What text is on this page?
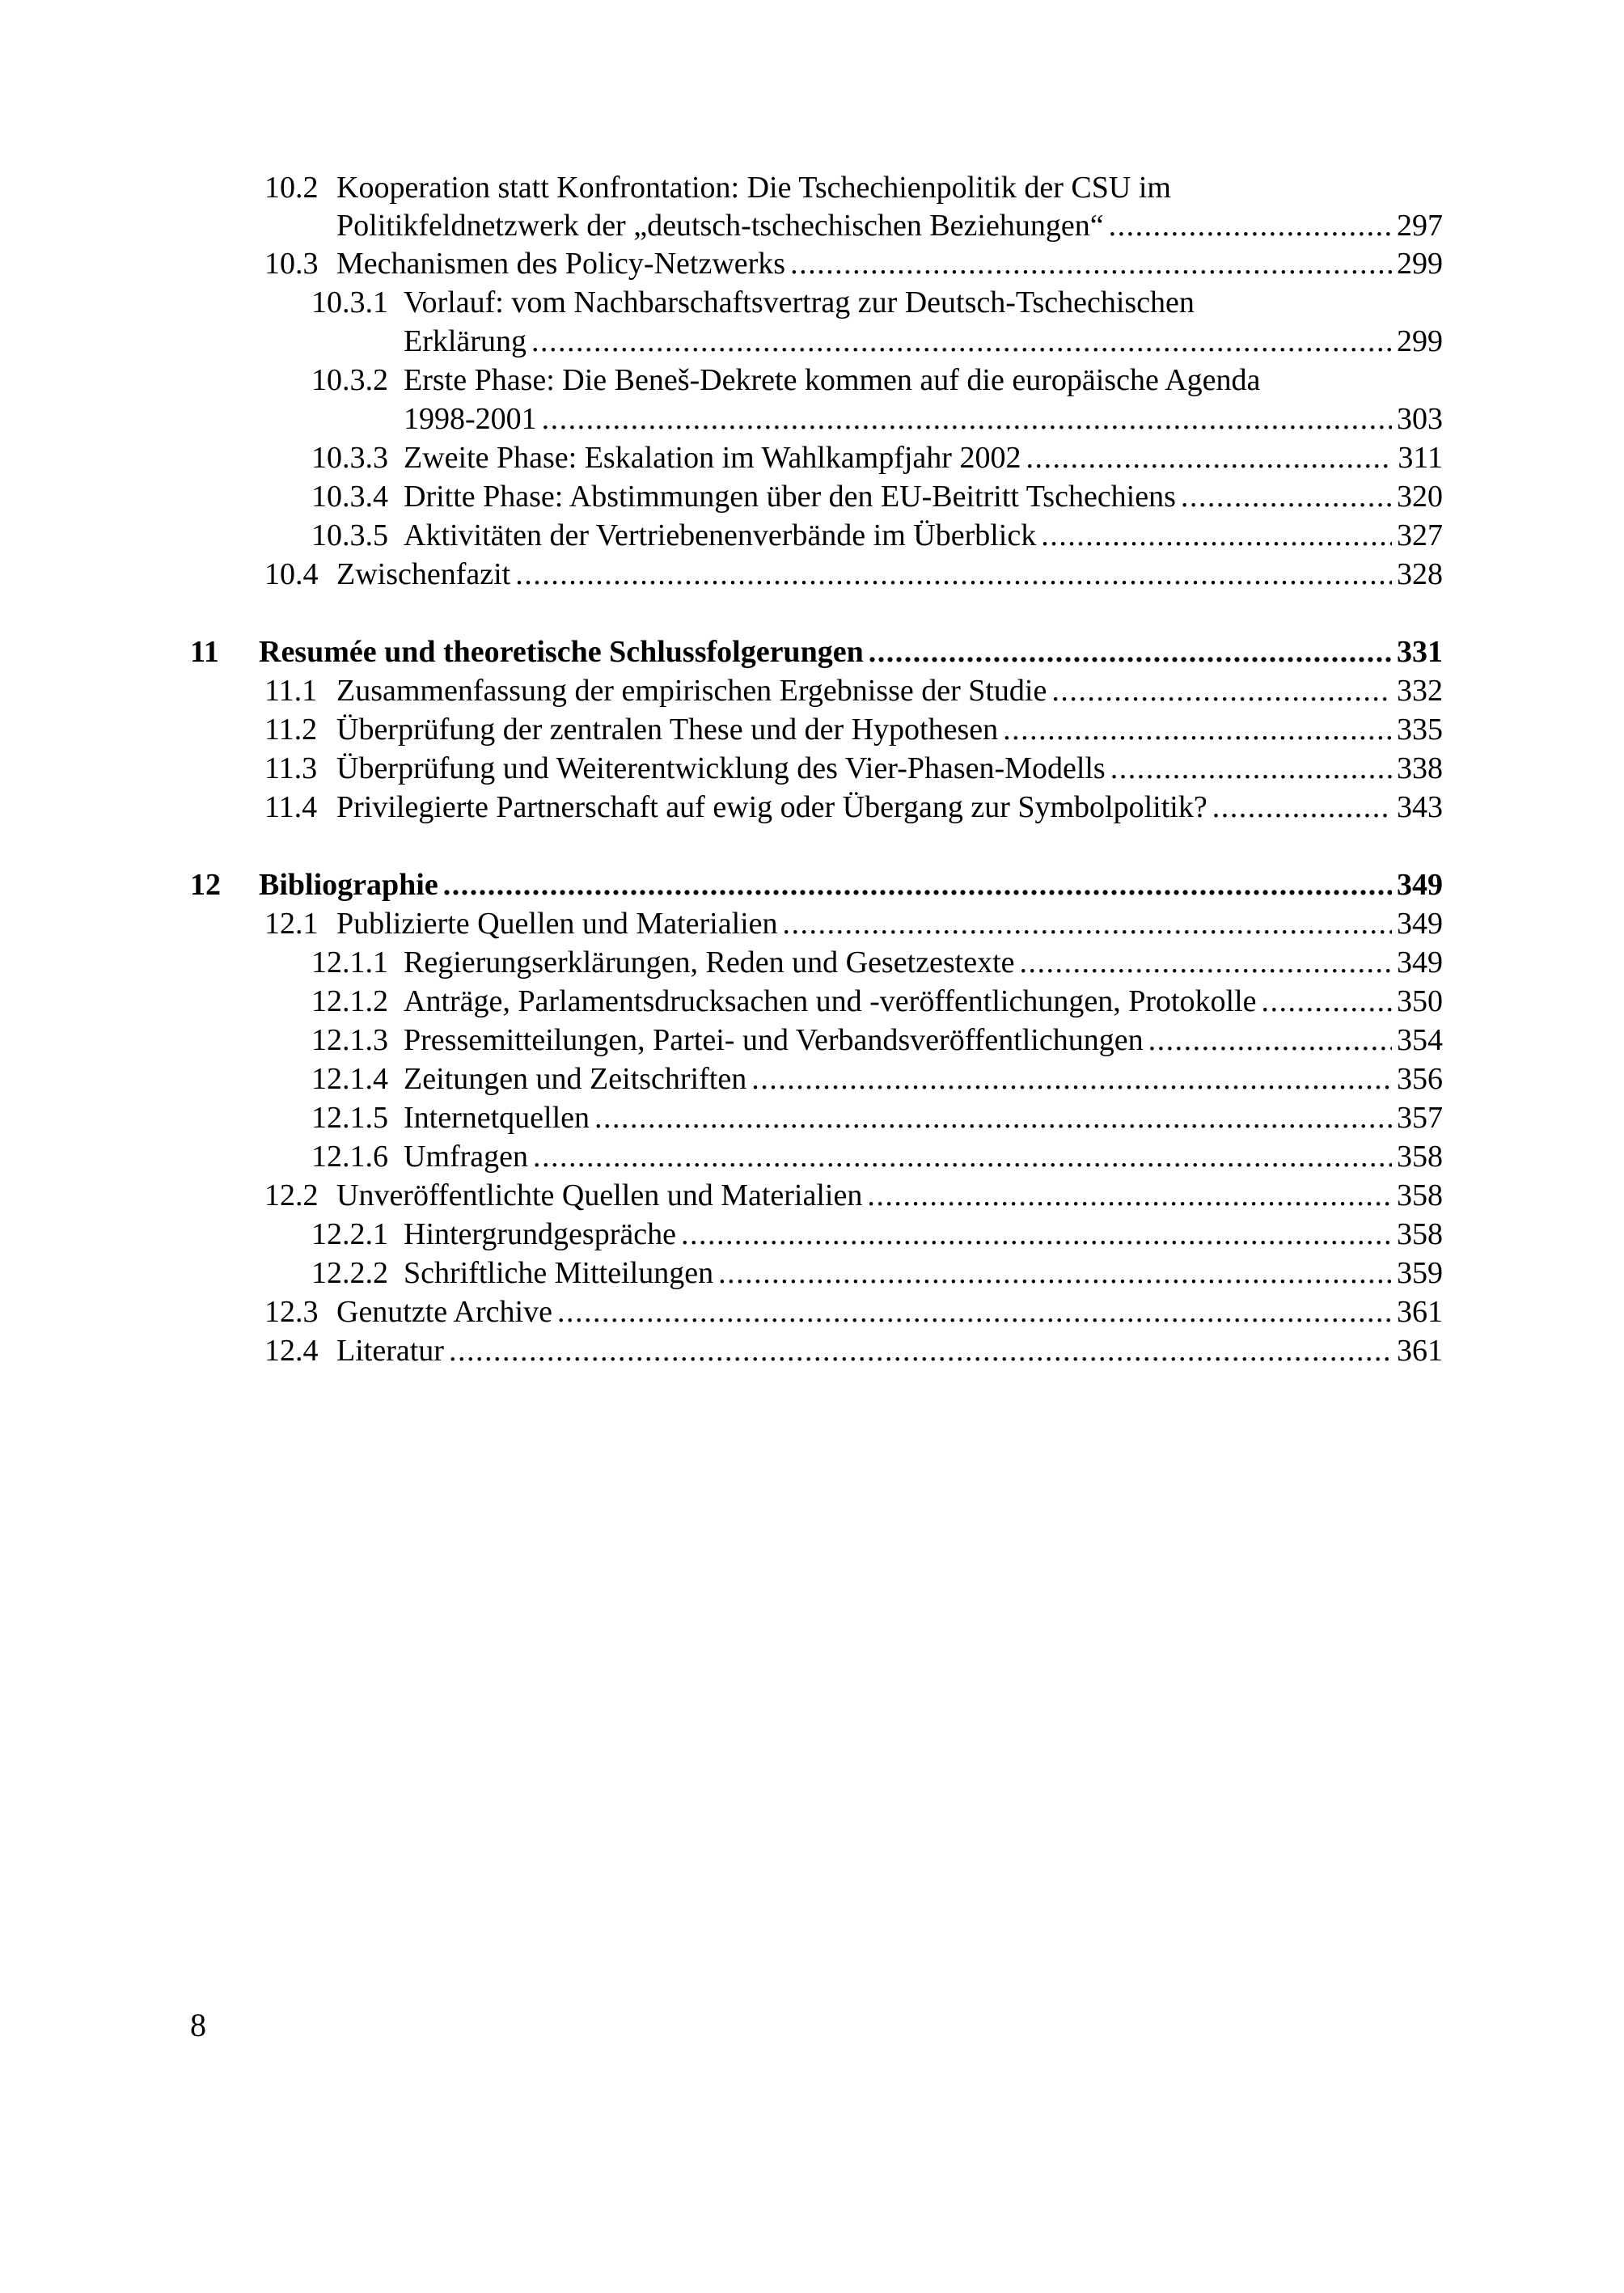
10.2 Kooperation statt Konfrontation: Die Tschechienpolitik der CSU im
Politikfeldnetzwerk der „deutsch-tschechischen Beziehungen“ . . .	297
10.3 Mechanismen des Policy-Netzwerks . . .	299
10.3.1 Vorlauf: vom Nachbarschaftsvertrag zur Deutsch-Tschechischen
Erklärung . . .	299
10.3.2 Erste Phase: Die Beneš-Dekrete kommen auf die europäische Agenda
1998-2001 . . .	303
10.3.3 Zweite Phase: Eskalation im Wahlkampfjahr 2002 . . .	311
10.3.4 Dritte Phase: Abstimmungen über den EU-Beitritt Tschechiens . . .	320
10.3.5 Aktivitäten der Vertriebenenverbände im Überblick . . .	327
10.4 Zwischenfazit . . .	328
11 Resumée und theoretische Schlussfolgerungen . . .	331
11.1 Zusammenfassung der empirischen Ergebnisse der Studie . . .	332
11.2 Überprüfung der zentralen These und der Hypothesen . . .	335
11.3 Überprüfung und Weiterentwicklung des Vier-Phasen-Modells . . .	338
11.4 Privilegierte Partnerschaft auf ewig oder Übergang zur Symbolpolitik? . . .	343
12 Bibliographie . . .	349
12.1 Publizierte Quellen und Materialien . . .	349
12.1.1 Regierungserklärungen, Reden und Gesetzestexte . . .	349
12.1.2 Anträge, Parlamentsdrucksachen und -veröffentlichungen, Protokolle . . .	350
12.1.3 Pressemitteilungen, Partei- und Verbandsveröffentlichungen . . .	354
12.1.4 Zeitungen und Zeitschriften . . .	356
12.1.5 Internetquellen . . .	357
12.1.6 Umfragen . . .	358
12.2 Unveröffentlichte Quellen und Materialien . . .	358
12.2.1 Hintergrundgespräche . . .	358
12.2.2 Schriftliche Mitteilungen . . .	359
12.3 Genutzte Archive . . .	361
12.4 Literatur . . .	361
8
